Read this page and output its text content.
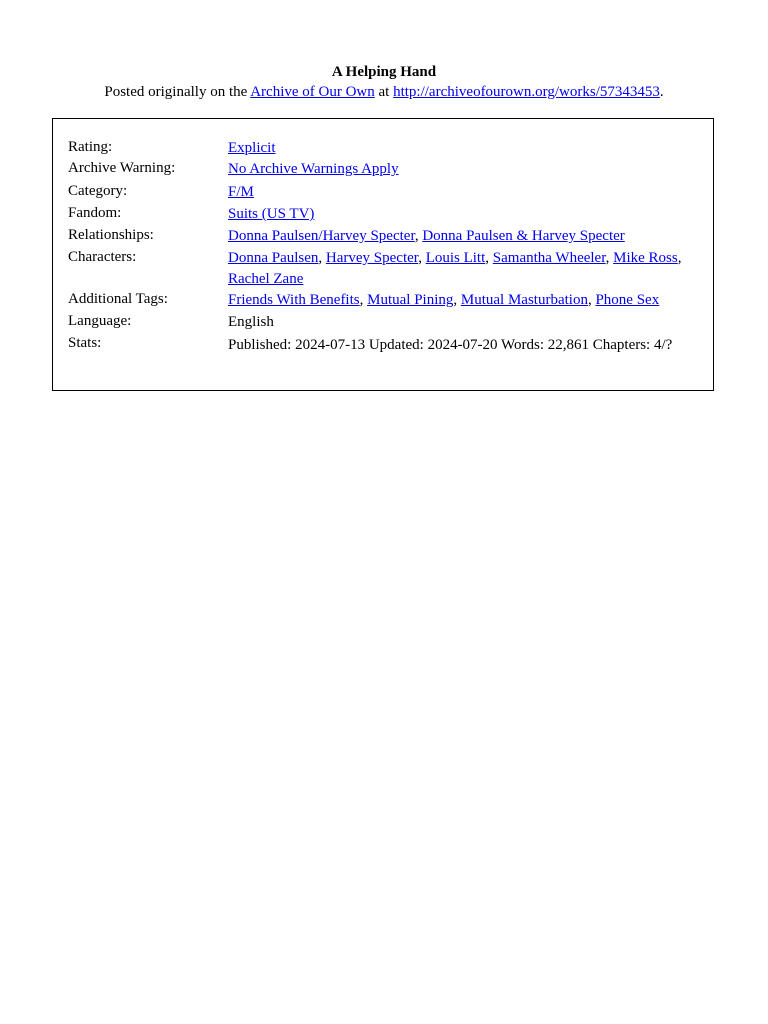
A Helping Hand
Posted originally on the Archive of Our Own at http://archiveofourown.org/works/57343453.
Rating:	Explicit
Archive Warning:	No Archive Warnings Apply
Category:	F/M
Fandom:	Suits (US TV)
Relationships:	Donna Paulsen/Harvey Specter, Donna Paulsen & Harvey Specter
Characters:	Donna Paulsen, Harvey Specter, Louis Litt, Samantha Wheeler, Mike Ross, Rachel Zane
Additional Tags:	Friends With Benefits, Mutual Pining, Mutual Masturbation, Phone Sex
Language:	English
Stats:	Published: 2024-07-13 Updated: 2024-07-20 Words: 22,861 Chapters: 4/?
